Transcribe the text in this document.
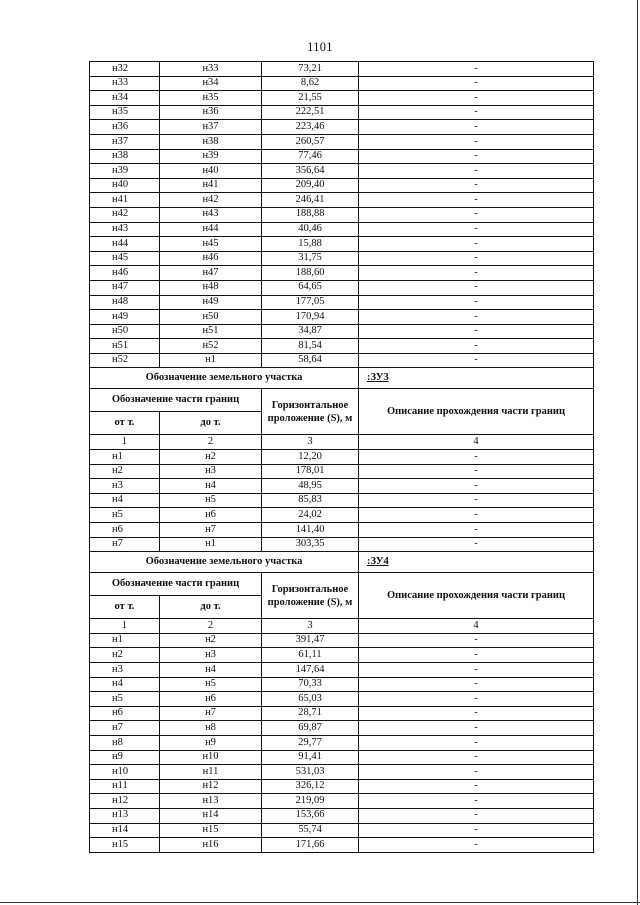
1101
н32	н33	73,21	-
н33	н34	8,62	-
н34	н35	21,55	-
н35	н36	222,51	-
н36	н37	223,46	-
н37	н38	260,57	-
н38	н39	77,46	-
н39	н40	356,64	-
н40	н41	209,40	-
н41	н42	246,41	-
н42	н43	188,88	-
н43	н44	40,46	-
н44	н45	15,88	-
н45	н46	31,75	-
н46	н47	188,60	-
н47	н48	64,65	-
н48	н49	177,05	-
н49	н50	170,94	-
н50	н51	34,87	-
н51	н52	81,54	-
н52	н1	58,64	-
Обозначение земельного участка			:ЗУ3
Обозначение части границ		Горизонтальное проложение (S), м	Описание прохождения части границ
от т.	до т.		
1	2	3	4
н1	н2	12,20	-
н2	н3	178,01	-
н3	н4	48,95	-
н4	н5	85,83	-
н5	н6	24,02	-
н6	н7	141,40	-
н7	н1	303,35	-
Обозначение земельного участка			:ЗУ4
Обозначение части границ		Горизонтальное проложение (S), м	Описание прохождения части границ
от т.	до т.		
1	2	3	4
н1	н2	391,47	-
н2	н3	61,11	-
н3	н4	147,64	-
н4	н5	70,33	-
н5	н6	65,03	-
н6	н7	28,71	-
н7	н8	69,87	-
н8	н9	29,77	-
н9	н10	91,41	-
н10	н11	531,03	-
н11	н12	326,12	-
н12	н13	219,09	-
н13	н14	153,66	-
н14	н15	55,74	-
н15	н16	171,66	-
